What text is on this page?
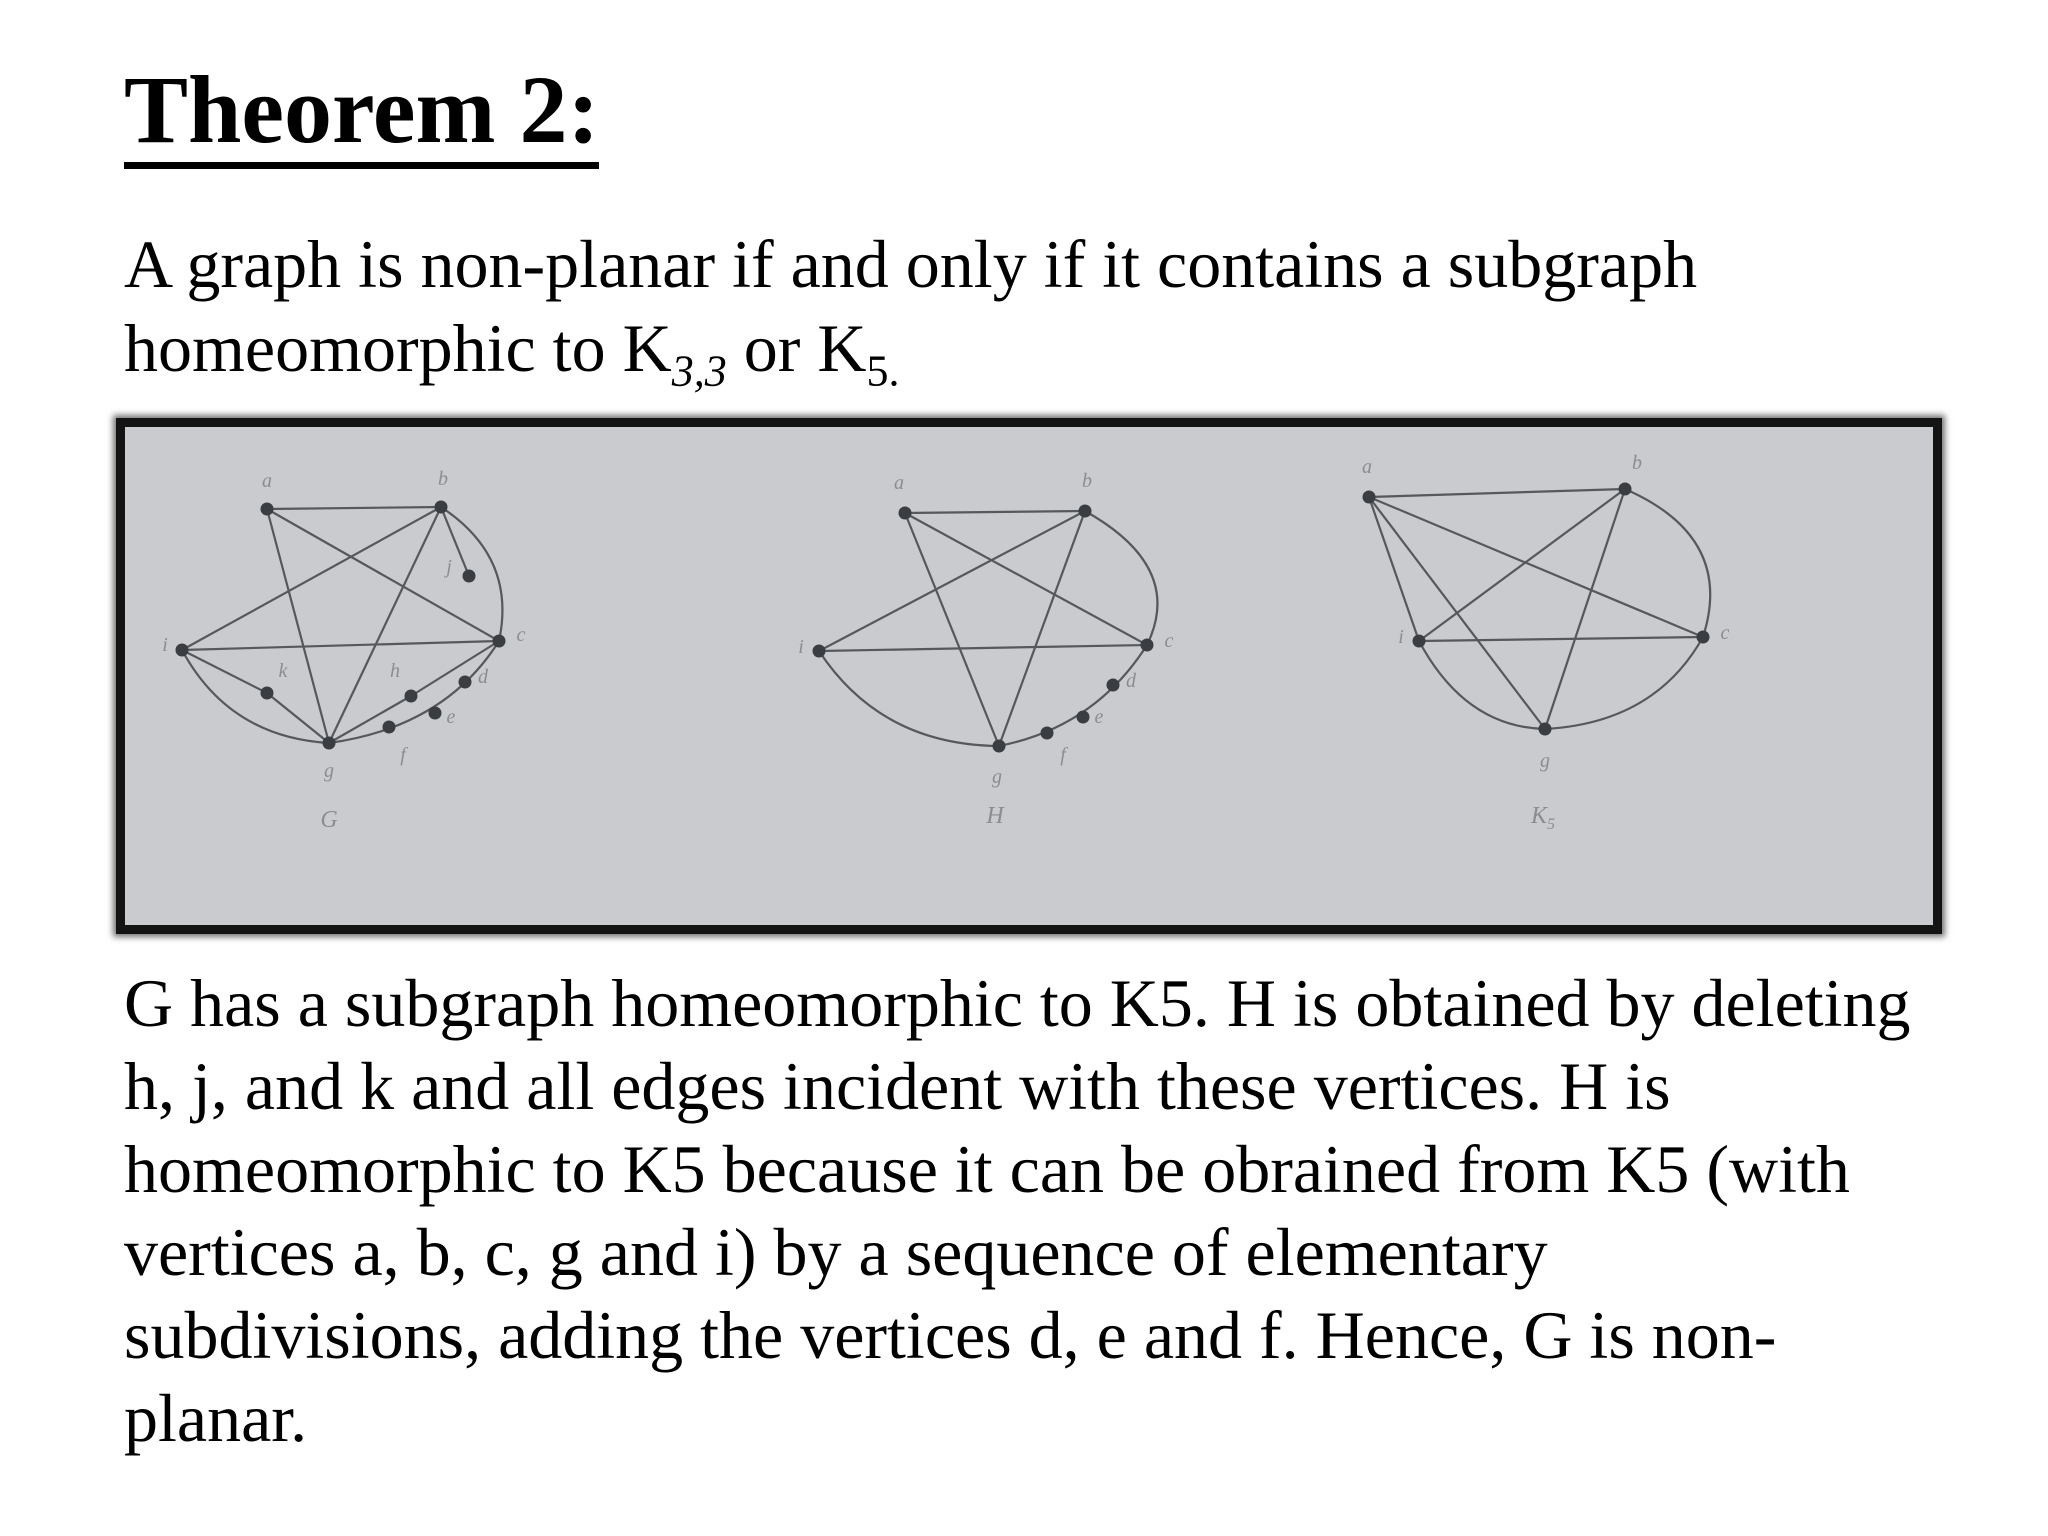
Theorem 2:

A graph is non-planar if and only if it contains a subgraph

homeomorphic to $K_{3,3}$ or $K_{5.}$

a	b
c
d
e
f
g
h
i
j
k
G
a	b
c
d
e
f
g
i
H
a	b
c
g
i
$K_5$

G has a subgraph homeomorphic to K5. H is obtained by deleting

h, j, and k and all edges incident with these vertices. H is

homeomorphic to K5 because it can be obrained from K5 (with

vertices a, b, c, g and i) by a sequence of elementary

subdivisions, adding the vertices d, e and f. Hence, G is non-

planar.
